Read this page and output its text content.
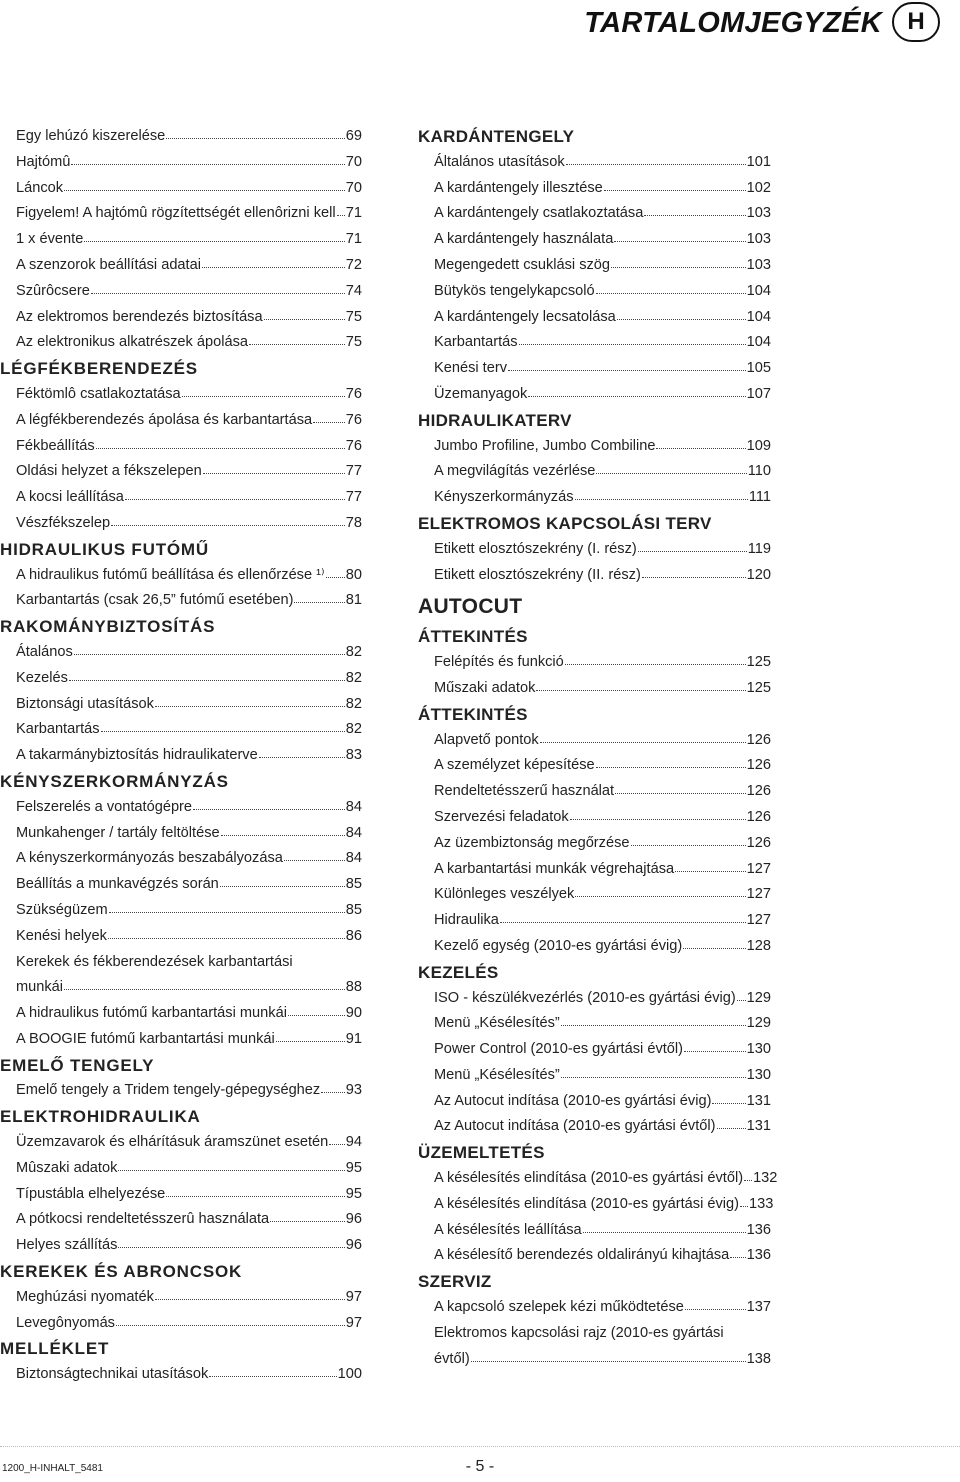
TARTALOMJEGYZÉK	H
Egy lehúzó kiszerelése	69
Hajtómû	70
Láncok	70
Figyelem! A hajtómû rögzítettségét ellenôrizni kell 71
1 x évente	71
A szenzorok beállítási adatai	72
Szûrôcsere	74
Az elektromos berendezés biztosítása	75
Az elektronikus alkatrészek ápolása	75
LÉGFÉKBERENDEZÉS
Féktömlô csatlakoztatása	76
A légfékberendezés ápolása és karbantartása 76
Fékbeállítás	76
Oldási helyzet a fékszelepen	77
A kocsi leállítása	77
Vészfékszelep	78
HIDRAULIKUS FUTÓMŰ
A hidraulikus futómű beállítása és ellenőrzése ¹⁾ 80
Karbantartás (csak 26,5” futómű esetében)	81
RAKOMÁNYBIZTOSÍTÁS
Átalános	82
Kezelés	82
Biztonsági utasítások	82
Karbantartás	82
A takarmánybiztosítás hidraulikaterve	83
KÉNYSZERKORMÁNYZÁS
Felszerelés a vontatógépre	84
Munkahenger / tartály feltöltése	84
A kényszerkormányozás beszabályozása	84
Beállítás a munkavégzés során	85
Szükségüzem	85
Kenési helyek	86
Kerekek és fékberendezések karbantartási
munkái	88
A hidraulikus futómű karbantartási munkái	90
A BOOGIE futómű karbantartási munkái	91
EMELŐ TENGELY
Emelő tengely a Tridem tengely-gépegységhez 93
ELEKTROHIDRAULIKA
Üzemzavarok és elhárításuk áramszünet esetén 94
Mûszaki adatok	95
Típustábla elhelyezése	95
A pótkocsi rendeltetésszerû használata	96
Helyes szállítás	96
KEREKEK ÉS ABRONCSOK
Meghúzási nyomaték	97
Levegônyomás	97
MELLÉKLET
Biztonságtechnikai utasítások	100
KARDÁNTENGELY
Általános utasítások	101
A kardántengely illesztése	102
A kardántengely csatlakoztatása	103
A kardántengely használata	103
Megengedett csuklási szög	103
Bütykös tengelykapcsoló	104
A kardántengely lecsatolása	104
Karbantartás	104
Kenési terv	105
Üzemanyagok	107
HIDRAULIKATERV
Jumbo Profiline, Jumbo Combiline	109
A megvilágítás vezérlése	110
Kényszerkormányzás	111
ELEKTROMOS KAPCSOLÁSI TERV
Etikett elosztószekrény (I. rész)	119
Etikett elosztószekrény (II. rész)	120
AUTOCUT
ÁTTEKINTÉS
Felépítés és funkció	125
Műszaki adatok	125
ÁTTEKINTÉS
Alapvető pontok	126
A személyzet képesítése	126
Rendeltetésszerű használat	126
Szervezési feladatok	126
Az üzembiztonság megőrzése	126
A karbantartási munkák végrehajtása	127
Különleges veszélyek	127
Hidraulika	127
Kezelő egység (2010-es gyártási évig)	128
KEZELÉS
ISO - készülékvezérlés (2010-es gyártási évig) 129
Menü „Késélesítés”	129
Power Control (2010-es gyártási évtől)	130
Menü „Késélesítés”	130
Az Autocut indítása (2010-es gyártási évig) 131
Az Autocut indítása (2010-es gyártási évtől) 131
ÜZEMELTETÉS
A késélesítés elindítása (2010-es gyártási évtől) 132
A késélesítés elindítása (2010-es gyártási évig) 133
A késélesítés leállítása	136
A késélesítő berendezés oldalirányú kihajtása 136
SZERVIZ
A kapcsoló szelepek kézi működtetése	137
Elektromos kapcsolási rajz (2010-es gyártási
évtől)	138
1200_H-INHALT_5481	- 5 -
